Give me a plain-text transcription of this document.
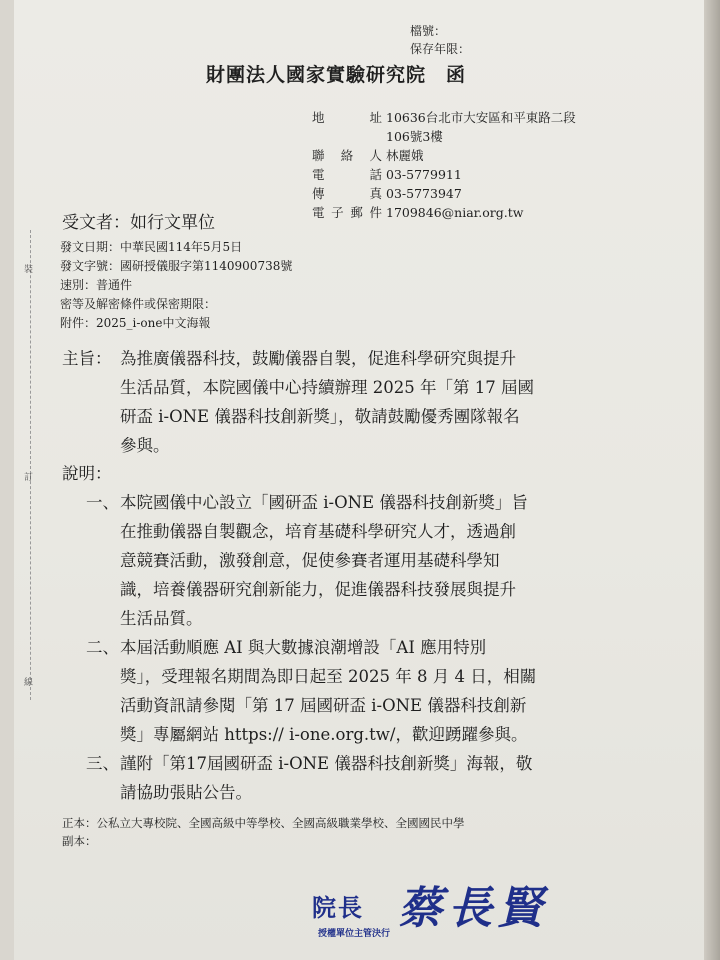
檔號：
保存年限：
財團法人國家實驗研究院　函
地　　址 10636台北市大安區和平東路二段
106號3樓
聯 絡 人 林麗娥
電　　話 03-5779911
傳　　真 03-5773947
電子郵件 1709846@niar.org.tw
受文者：如行文單位
發文日期：中華民國114年5月5日
發文字號：國研授儀服字第1140900738號
速別：普通件
密等及解密條件或保密期限：
附件：2025_i-one中文海報
裝
訂
線
主旨： 為推廣儀器科技，鼓勵儀器自製，促進科學研究與提升
生活品質，本院國儀中心持續辦理 2025 年「第 17 屆國
研盃 i-ONE 儀器科技創新獎」，敬請鼓勵優秀團隊報名
參與。
說明：
一、 本院國儀中心設立「國研盃 i-ONE 儀器科技創新獎」旨
在推動儀器自製觀念，培育基礎科學研究人才，透過創
意競賽活動，激發創意，促使參賽者運用基礎科學知
識，培養儀器研究創新能力，促進儀器科技發展與提升
生活品質。
二、 本屆活動順應 AI 與大數據浪潮增設「AI 應用特別
獎」，受理報名期間為即日起至 2025 年 8 月 4 日，相關
活動資訊請參閱「第 17 屆國研盃 i-ONE 儀器科技創新
獎」專屬網站 https:// i-one.org.tw/，歡迎踴躍參與。
三、 謹附「第17屆國研盃 i-ONE 儀器科技創新獎」海報，敬
請協助張貼公告。
正本：公私立大專校院、全國高級中等學校、全國高級職業學校、全國國民中學
副本：
院長 蔡長賢
授權單位主管決行
